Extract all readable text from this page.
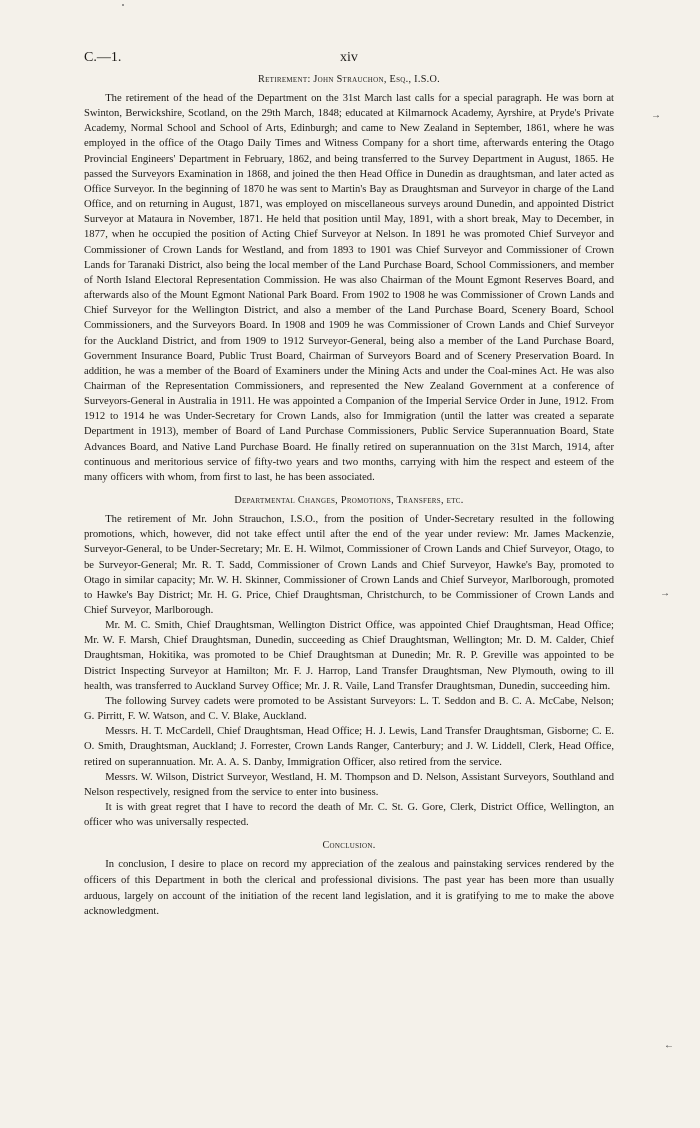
→
→
←
C.—1.	xiv
Retirement: John Strauchon, Esq., I.S.O.

The retirement of the head of the Department on the 31st March last calls for a special paragraph. He was born at Swinton, Berwickshire, Scotland, on the 29th March, 1848; educated at Kilmarnock Academy, Ayrshire, at Pryde's Private Academy, Normal School and School of Arts, Edinburgh; and came to New Zealand in September, 1861, where he was employed in the office of the Otago Daily Times and Witness Company for a short time, afterwards entering the Otago Provincial Engineers' Department in February, 1862, and being transferred to the Survey Department in August, 1865. He passed the Surveyors Examination in 1868, and joined the then Head Office in Dunedin as draughtsman, and later acted as Office Surveyor. In the beginning of 1870 he was sent to Martin's Bay as Draughtsman and Surveyor in charge of the Land Office, and on returning in August, 1871, was employed on miscellaneous surveys around Dunedin, and appointed District Surveyor at Mataura in November, 1871. He held that position until May, 1891, with a short break, May to December, in 1877, when he occupied the position of Acting Chief Surveyor at Nelson. In 1891 he was promoted Chief Surveyor and Commissioner of Crown Lands for Westland, and from 1893 to 1901 was Chief Surveyor and Commissioner of Crown Lands for Taranaki District, also being the local member of the Land Purchase Board, School Commissioners, and member of North Island Electoral Representation Commission. He was also Chairman of the Mount Egmont Reserves Board, and afterwards also of the Mount Egmont National Park Board. From 1902 to 1908 he was Commissioner of Crown Lands and Chief Surveyor for the Wellington District, and also a member of the Land Purchase Board, Scenery Board, School Commissioners, and the Surveyors Board. In 1908 and 1909 he was Commissioner of Crown Lands and Chief Surveyor for the Auckland District, and from 1909 to 1912 Surveyor-General, being also a member of the Land Purchase Board, Government Insurance Board, Public Trust Board, Chairman of Surveyors Board and of Scenery Preservation Board. In addition, he was a member of the Board of Examiners under the Mining Acts and under the Coal-mines Act. He was also Chairman of the Representation Commissioners, and represented the New Zealand Government at a conference of Surveyors-General in Australia in 1911. He was appointed a Companion of the Imperial Service Order in June, 1912. From 1912 to 1914 he was Under-Secretary for Crown Lands, also for Immigration (until the latter was created a separate Department in 1913), member of Board of Land Purchase Commissioners, Public Service Superannuation Board, State Advances Board, and Native Land Purchase Board. He finally retired on superannuation on the 31st March, 1914, after continuous and meritorious service of fifty-two years and two months, carrying with him the respect and esteem of the many officers with whom, from first to last, he has been associated.

Departmental Changes, Promotions, Transfers, etc.

The retirement of Mr. John Strauchon, I.S.O., from the position of Under-Secretary resulted in the following promotions, which, however, did not take effect until after the end of the year under review: Mr. James Mackenzie, Surveyor-General, to be Under-Secretary; Mr. E. H. Wilmot, Commissioner of Crown Lands and Chief Surveyor, Otago, to be Surveyor-General; Mr. R. T. Sadd, Commissioner of Crown Lands and Chief Surveyor, Hawke's Bay, promoted to Otago in similar capacity; Mr. W. H. Skinner, Commissioner of Crown Lands and Chief Surveyor, Marlborough, promoted to Hawke's Bay District; Mr. H. G. Price, Chief Draughtsman, Christchurch, to be Commissioner of Crown Lands and Chief Surveyor, Marlborough.

Mr. M. C. Smith, Chief Draughtsman, Wellington District Office, was appointed Chief Draughtsman, Head Office; Mr. W. F. Marsh, Chief Draughtsman, Dunedin, succeeding as Chief Draughtsman, Wellington; Mr. D. M. Calder, Chief Draughtsman, Hokitika, was promoted to be Chief Draughtsman at Dunedin; Mr. R. P. Greville was appointed to be District Inspecting Surveyor at Hamilton; Mr. F. J. Harrop, Land Transfer Draughtsman, New Plymouth, owing to ill health, was transferred to Auckland Survey Office; Mr. J. R. Vaile, Land Transfer Draughtsman, Dunedin, succeeding him.

The following Survey cadets were promoted to be Assistant Surveyors: L. T. Seddon and B. C. A. McCabe, Nelson; G. Pirritt, F. W. Watson, and C. V. Blake, Auckland.

Messrs. H. T. McCardell, Chief Draughtsman, Head Office; H. J. Lewis, Land Transfer Draughtsman, Gisborne; C. E. O. Smith, Draughtsman, Auckland; J. Forrester, Crown Lands Ranger, Canterbury; and J. W. Liddell, Clerk, Head Office, retired on superannuation. Mr. A. A. S. Danby, Immigration Officer, also retired from the service.

Messrs. W. Wilson, District Surveyor, Westland, H. M. Thompson and D. Nelson, Assistant Surveyors, Southland and Nelson respectively, resigned from the service to enter into business.

It is with great regret that I have to record the death of Mr. C. St. G. Gore, Clerk, District Office, Wellington, an officer who was universally respected.

Conclusion.

In conclusion, I desire to place on record my appreciation of the zealous and painstaking services rendered by the officers of this Department in both the clerical and professional divisions. The past year has been more than usually arduous, largely on account of the initiation of the recent land legislation, and it is gratifying to me to make the above acknowledgment.
